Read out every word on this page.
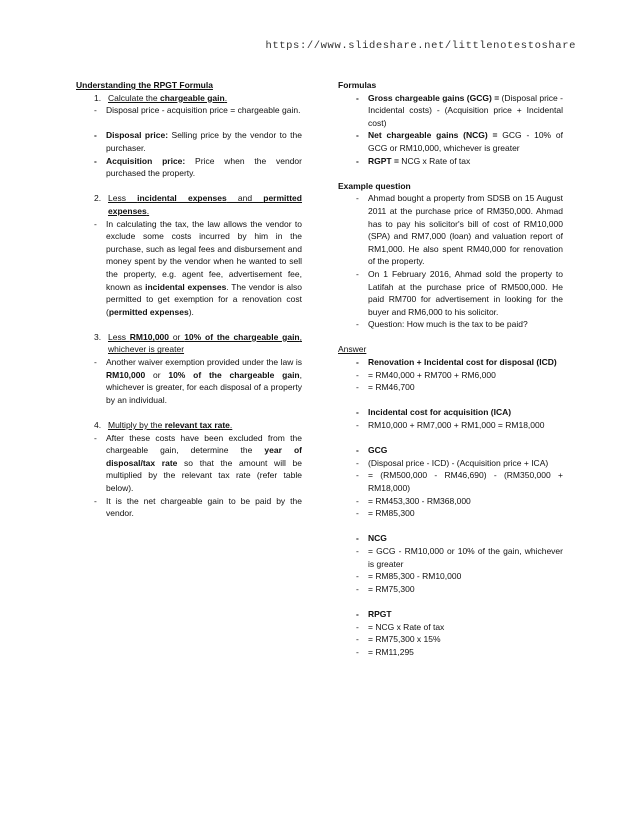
https://www.slideshare.net/littlenotestoshare
Understanding the RPGT Formula
1. Calculate the chargeable gain.
-	Disposal price - acquisition price = chargeable gain.
-	Disposal price: Selling price by the vendor to the purchaser.
-	Acquisition price: Price when the vendor purchased the property.
2. Less incidental expenses and permitted expenses.
-	In calculating the tax, the law allows the vendor to exclude some costs incurred by him in the purchase, such as legal fees and disbursement and money spent by the vendor when he wanted to sell the property, e.g. agent fee, advertisement fee, known as incidental expenses. The vendor is also permitted to get exemption for a renovation cost (permitted expenses).
3. Less RM10,000 or 10% of the chargeable gain, whichever is greater
-	Another waiver exemption provided under the law is RM10,000 or 10% of the chargeable gain, whichever is greater, for each disposal of a property by an individual.
4. Multiply by the relevant tax rate.
-	After these costs have been excluded from the chargeable gain, determine the year of disposal/tax rate so that the amount will be multiplied by the relevant tax rate (refer table below).
-	It is the net chargeable gain to be paid by the vendor.
Formulas
-	Gross chargeable gains (GCG) = (Disposal price - Incidental costs) - (Acquisition price + Incidental cost)
-	Net chargeable gains (NCG) = GCG - 10% of GCG or RM10,000, whichever is greater
-	RGPT = NCG x Rate of tax
Example question
-	Ahmad bought a property from SDSB on 15 August 2011 at the purchase price of RM350,000. Ahmad has to pay his solicitor's bill of cost of RM10,000 (SPA) and RM7,000 (loan) and valuation report of RM1,000. He also spent RM40,000 for renovation of the property.
-	On 1 February 2016, Ahmad sold the property to Latifah at the purchase price of RM500,000. He paid RM700 for advertisement in looking for the buyer and RM6,000 to his solicitor.
-	Question: How much is the tax to be paid?
Answer
-	Renovation + Incidental cost for disposal (ICD)
-	= RM40,000 + RM700 + RM6,000
-	= RM46,700
-	Incidental cost for acquisition (ICA)
-	RM10,000 + RM7,000 + RM1,000 = RM18,000
-	GCG
-	(Disposal price - ICD) - (Acquisition price + ICA)
-	= (RM500,000 - RM46,690) - (RM350,000 + RM18,000)
-	= RM453,300 - RM368,000
-	= RM85,300
-	NCG
-	= GCG - RM10,000 or 10% of the gain, whichever is greater
-	= RM85,300 - RM10,000
-	= RM75,300
-	RPGT
-	= NCG x Rate of tax
-	= RM75,300 x 15%
-	= RM11,295
